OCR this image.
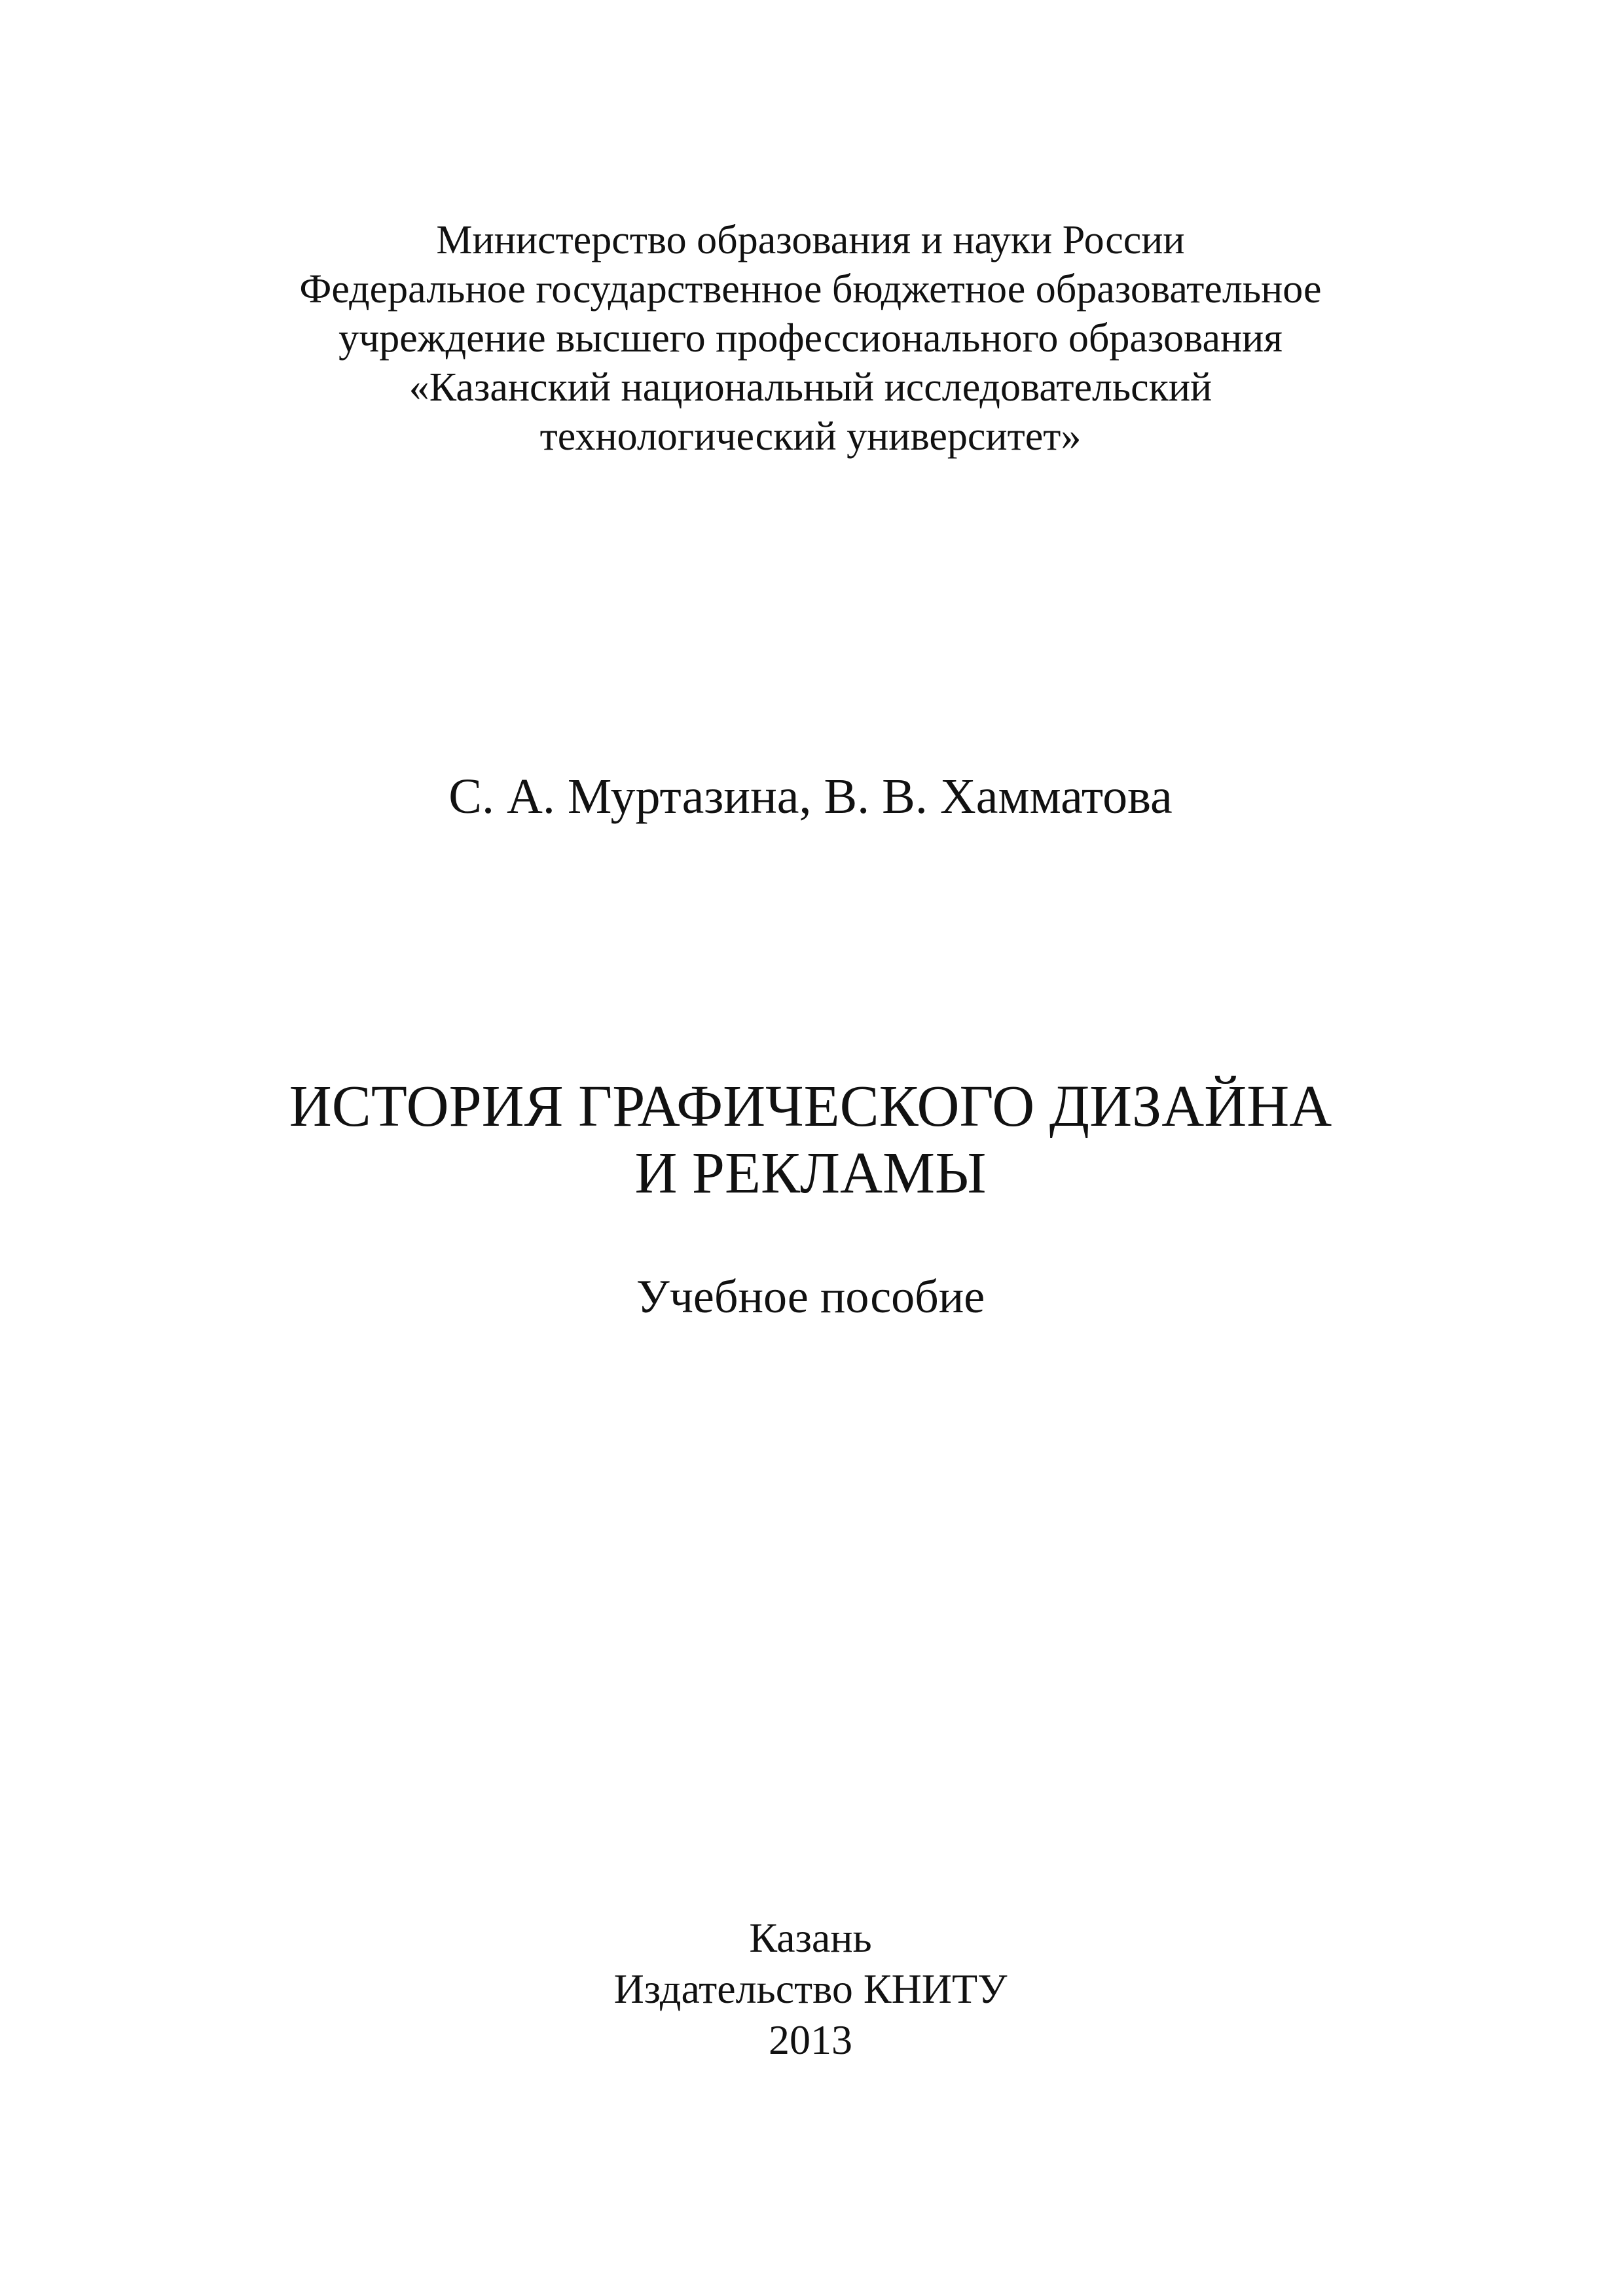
Министерство образования и науки России
Федеральное государственное бюджетное образовательное
учреждение высшего профессионального образования
«Казанский национальный исследовательский
технологический университет»
С. А. Муртазина, В. В. Хамматова
ИСТОРИЯ ГРАФИЧЕСКОГО ДИЗАЙНА
И РЕКЛАМЫ
Учебное пособие
Казань
Издательство КНИТУ
2013
